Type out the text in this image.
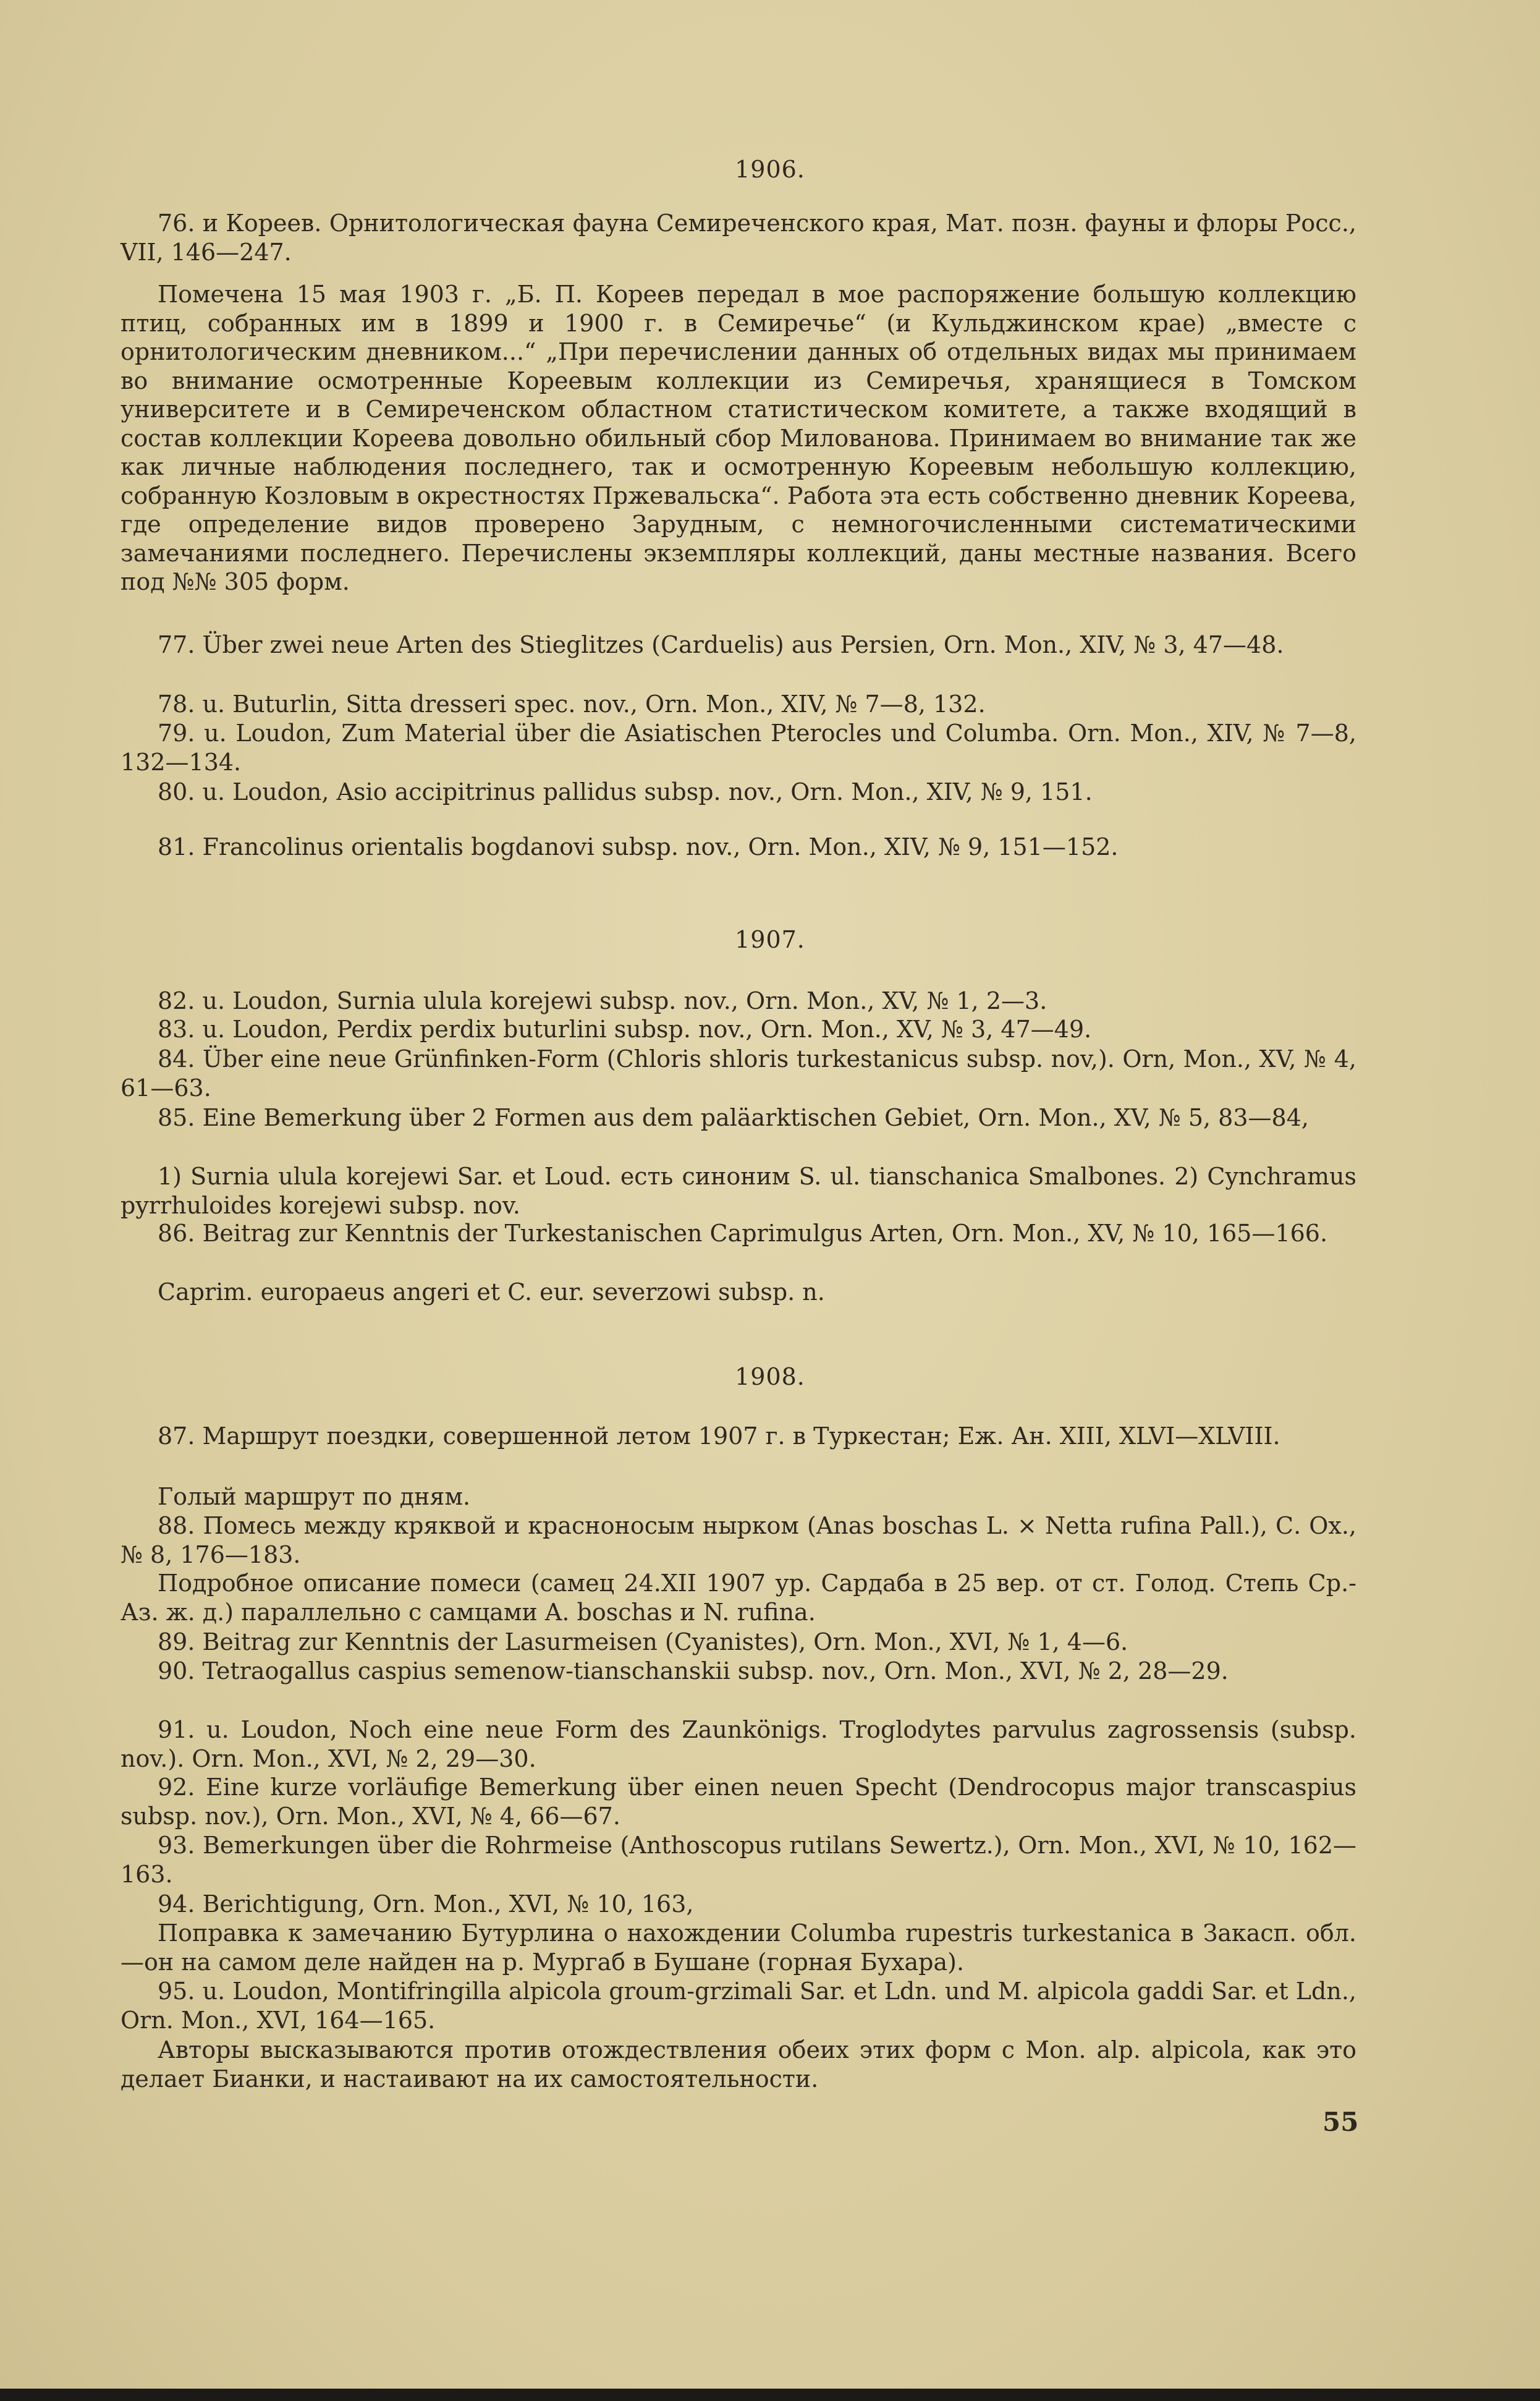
1906.
76. и Кореев. Орнитологическая фауна Семиреченского края, Мат. позн. фауны и флоры Росс., VII, 146—247.
Помечена 15 мая 1903 г. „Б. П. Кореев передал в мое распоряжение большую коллекцию птиц, собранных им в 1899 и 1900 г. в Семиречье“ (и Кульджинском крае) „вместе с орнитологическим дневником...“ „При перечислении данных об отдельных видах мы принимаем во внимание осмотренные Кореевым коллекции из Семиречья, хранящиеся в Томском университете и в Семиреченском областном статистическом комитете, а также входящий в состав коллекции Кореева довольно обильный сбор Милованова. Принимаем во внимание так же как личные наблюдения последнего, так и осмотренную Кореевым небольшую коллекцию, собранную Козловым в окрестностях Пржевальска“. Работа эта есть собственно дневник Кореева, где определение видов проверено Зарудным, с немногочисленными систематическими замечаниями последнего. Перечислены экземпляры коллекций, даны местные названия. Всего под №№ 305 форм.
77. Über zwei neue Arten des Stieglitzes (Carduelis) aus Persien, Orn. Mon., XIV, № 3, 47—48.
78. u. Buturlin, Sitta dresseri spec. nov., Orn. Mon., XIV, № 7—8, 132.
79. u. Loudon, Zum Material über die Asiatischen Pterocles und Columba. Orn. Mon., XIV, № 7—8, 132—134.
80. u. Loudon, Asio accipitrinus pallidus subsp. nov., Orn. Mon., XIV, № 9, 151.
81. Francolinus orientalis bogdanovi subsp. nov., Orn. Mon., XIV, № 9, 151—152.
1907.
82. u. Loudon, Surnia ulula korejewi subsp. nov., Orn. Mon., XV, № 1, 2—3.
83. u. Loudon, Perdix perdix buturlini subsp. nov., Orn. Mon., XV, № 3, 47—49.
84. Über eine neue Grünfinken-Form (Chloris shloris turkestanicus subsp. nov,). Orn, Mon., XV, № 4, 61—63.
85. Eine Bemerkung über 2 Formen aus dem paläarktischen Gebiet, Orn. Mon., XV, № 5, 83—84,
1) Surnia ulula korejewi Sar. et Loud. есть синоним S. ul. tianschanica Smalbones. 2) Cynchramus pyrrhuloides korejewi subsp. nov.
86. Beitrag zur Kenntnis der Turkestanischen Caprimulgus Arten, Orn. Mon., XV, № 10, 165—166.
Caprim. europaeus angeri et C. eur. severzowi subsp. n.
1908.
87. Маршрут поездки, совершенной летом 1907 г. в Туркестан; Еж. Ан. XIII, XLVI—XLVIII.
Голый маршрут по дням.
88. Помесь между кряквой и красноносым нырком (Anas boschas L. × Netta rufina Pall.), С. Ох., № 8, 176—183.
Подробное описание помеси (самец 24.XII 1907 ур. Сардаба в 25 вер. от ст. Голод. Степь Ср.-Аз. ж. д.) параллельно с самцами A. boschas и N. rufina.
89. Beitrag zur Kenntnis der Lasurmeisen (Cyanistes), Orn. Mon., XVI, № 1, 4—6.
90. Tetraogallus caspius semenow-tianschanskii subsp. nov., Orn. Mon., XVI, № 2, 28—29.
91. u. Loudon, Noch eine neue Form des Zaunkönigs. Troglodytes parvulus zagrossensis (subsp. nov.). Orn. Mon., XVI, № 2, 29—30.
92. Eine kurze vorläufige Bemerkung über einen neuen Specht (Dendrocopus major transcaspius subsp. nov.), Orn. Mon., XVI, № 4, 66—67.
93. Bemerkungen über die Rohrmeise (Anthoscopus rutilans Sewertz.), Orn. Mon., XVI, № 10, 162—163.
94. Berichtigung, Orn. Mon., XVI, № 10, 163,
Поправка к замечанию Бутурлина о нахождении Columba rupestris turkestanica в Закасп. обл.—он на самом деле найден на р. Мургаб в Бушане (горная Бухара).
95. u. Loudon, Montifringilla alpicola groum-grzimali Sar. et Ldn. und M. alpicola gaddi Sar. et Ldn., Orn. Mon., XVI, 164—165.
Авторы высказываются против отождествления обеих этих форм с Mon. alp. alpicola, как это делает Бианки, и настаивают на их самостоятельности.
55
